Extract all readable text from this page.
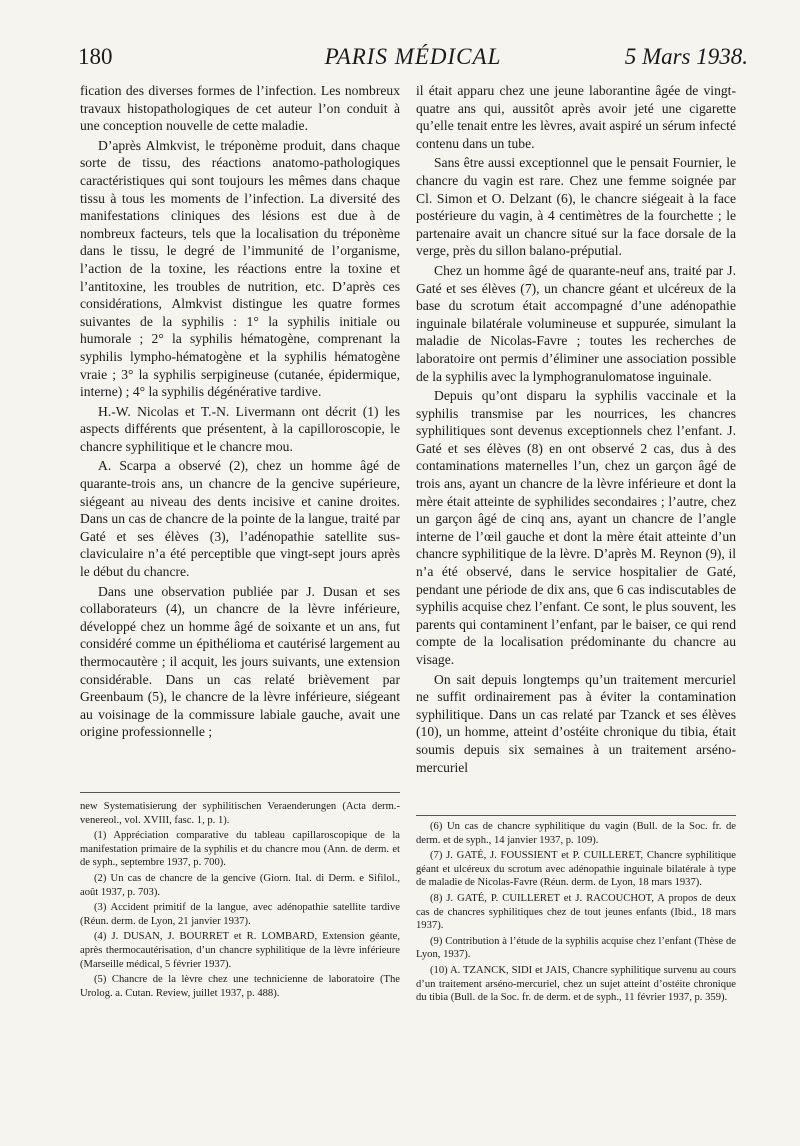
180	PARIS MÉDICAL	5 Mars 1938.

fication des diverses formes de l’infection. Les nombreux travaux histopathologiques de cet auteur l’on conduit à une conception nouvelle de cette maladie.

D’après Almkvist, le tréponème produit, dans chaque sorte de tissu, des réactions anatomo-pathologiques caractéristiques qui sont toujours les mêmes dans chaque tissu à tous les moments de l’infection. La diversité des manifestations cliniques des lésions est due à de nombreux facteurs, tels que la localisation du tréponème dans le tissu, le degré de l’immunité de l’organisme, l’action de la toxine, les réactions entre la toxine et l’antitoxine, les troubles de nutrition, etc. D’après ces considérations, Almkvist distingue les quatre formes suivantes de la syphilis : 1° la syphilis initiale ou humorale ; 2° la syphilis hématogène, comprenant la syphilis lympho-hématogène et la syphilis hématogène vraie ; 3° la syphilis serpigineuse (cutanée, épidermique, interne) ; 4° la syphilis dégénérative tardive.

H.-W. Nicolas et T.-N. Livermann ont décrit (1) les aspects différents que présentent, à la capilloroscopie, le chancre syphilitique et le chancre mou.

A. Scarpa a observé (2), chez un homme âgé de quarante-trois ans, un chancre de la gencive supérieure, siégeant au niveau des dents incisive et canine droites. Dans un cas de chancre de la pointe de la langue, traité par Gaté et ses élèves (3), l’adénopathie satellite sus-claviculaire n’a été perceptible que vingt-sept jours après le début du chancre.

Dans une observation publiée par J. Dusan et ses collaborateurs (4), un chancre de la lèvre inférieure, développé chez un homme âgé de soixante et un ans, fut considéré comme un épithélioma et cautérisé largement au thermocautère ; il acquit, les jours suivants, une extension considérable. Dans un cas relaté brièvement par Greenbaum (5), le chancre de la lèvre inférieure, siégeant au voisinage de la commissure labiale gauche, avait une origine professionnelle ;

il était apparu chez une jeune laborantine âgée de vingt-quatre ans qui, aussitôt après avoir jeté une cigarette qu’elle tenait entre les lèvres, avait aspiré un sérum infecté contenu dans un tube.

Sans être aussi exceptionnel que le pensait Fournier, le chancre du vagin est rare. Chez une femme soignée par Cl. Simon et O. Delzant (6), le chancre siégeait à la face postérieure du vagin, à 4 centimètres de la fourchette ; le partenaire avait un chancre situé sur la face dorsale de la verge, près du sillon balano-préputial.

Chez un homme âgé de quarante-neuf ans, traité par J. Gaté et ses élèves (7), un chancre géant et ulcéreux de la base du scrotum était accompagné d’une adénopathie inguinale bilatérale volumineuse et suppurée, simulant la maladie de Nicolas-Favre ; toutes les recherches de laboratoire ont permis d’éliminer une association possible de la syphilis avec la lymphogranulomatose inguinale.

Depuis qu’ont disparu la syphilis vaccinale et la syphilis transmise par les nourrices, les chancres syphilitiques sont devenus exceptionnels chez l’enfant. J. Gaté et ses élèves (8) en ont observé 2 cas, dus à des contaminations maternelles l’un, chez un garçon âgé de trois ans, ayant un chancre de la lèvre inférieure et dont la mère était atteinte de syphilides secondaires ; l’autre, chez un garçon âgé de cinq ans, ayant un chancre de l’angle interne de l’œil gauche et dont la mère était atteinte d’un chancre syphilitique de la lèvre. D’après M. Reynon (9), il n’a été observé, dans le service hospitalier de Gaté, pendant une période de dix ans, que 6 cas indiscutables de syphilis acquise chez l’enfant. Ce sont, le plus souvent, les parents qui contaminent l’enfant, par le baiser, ce qui rend compte de la localisation prédominante du chancre au visage.

On sait depuis longtemps qu’un traitement mercuriel ne suffit ordinairement pas à éviter la contamination syphilitique. Dans un cas relaté par Tzanck et ses élèves (10), un homme, atteint d’ostéite chronique du tibia, était soumis depuis six semaines à un traitement arséno-mercuriel

new Systematisierung der syphilitischen Veraenderungen (Acta derm.-venereol., vol. XVIII, fasc. 1, p. 1).

(1) Appréciation comparative du tableau capillaroscopique de la manifestation primaire de la syphilis et du chancre mou (Ann. de derm. et de syph., septembre 1937, p. 700).

(2) Un cas de chancre de la gencive (Giorn. Ital. di Derm. e Sifilol., août 1937, p. 703).

(3) Accident primitif de la langue, avec adénopathie satellite tardive (Réun. derm. de Lyon, 21 janvier 1937).

(4) J. DUSAN, J. BOURRET et R. LOMBARD, Extension géante, après thermocautérisation, d’un chancre syphilitique de la lèvre inférieure (Marseille médical, 5 février 1937).

(5) Chancre de la lèvre chez une technicienne de laboratoire (The Urolog. a. Cutan. Review, juillet 1937, p. 488).

(6) Un cas de chancre syphilitique du vagin (Bull. de la Soc. fr. de derm. et de syph., 14 janvier 1937, p. 109).

(7) J. GATÉ, J. FOUSSIENT et P. CUILLERET, Chancre syphilitique géant et ulcéreux du scrotum avec adénopathie inguinale bilatérale à type de maladie de Nicolas-Favre (Réun. derm. de Lyon, 18 mars 1937).

(8) J. GATÉ, P. CUILLERET et J. RACOUCHOT, A propos de deux cas de chancres syphilitiques chez de tout jeunes enfants (Ibid., 18 mars 1937).

(9) Contribution à l’étude de la syphilis acquise chez l’enfant (Thèse de Lyon, 1937).

(10) A. TZANCK, SIDI et JAIS, Chancre syphilitique survenu au cours d’un traitement arséno-mercuriel, chez un sujet atteint d’ostéite chronique du tibia (Bull. de la Soc. fr. de derm. et de syph., 11 février 1937, p. 359).
